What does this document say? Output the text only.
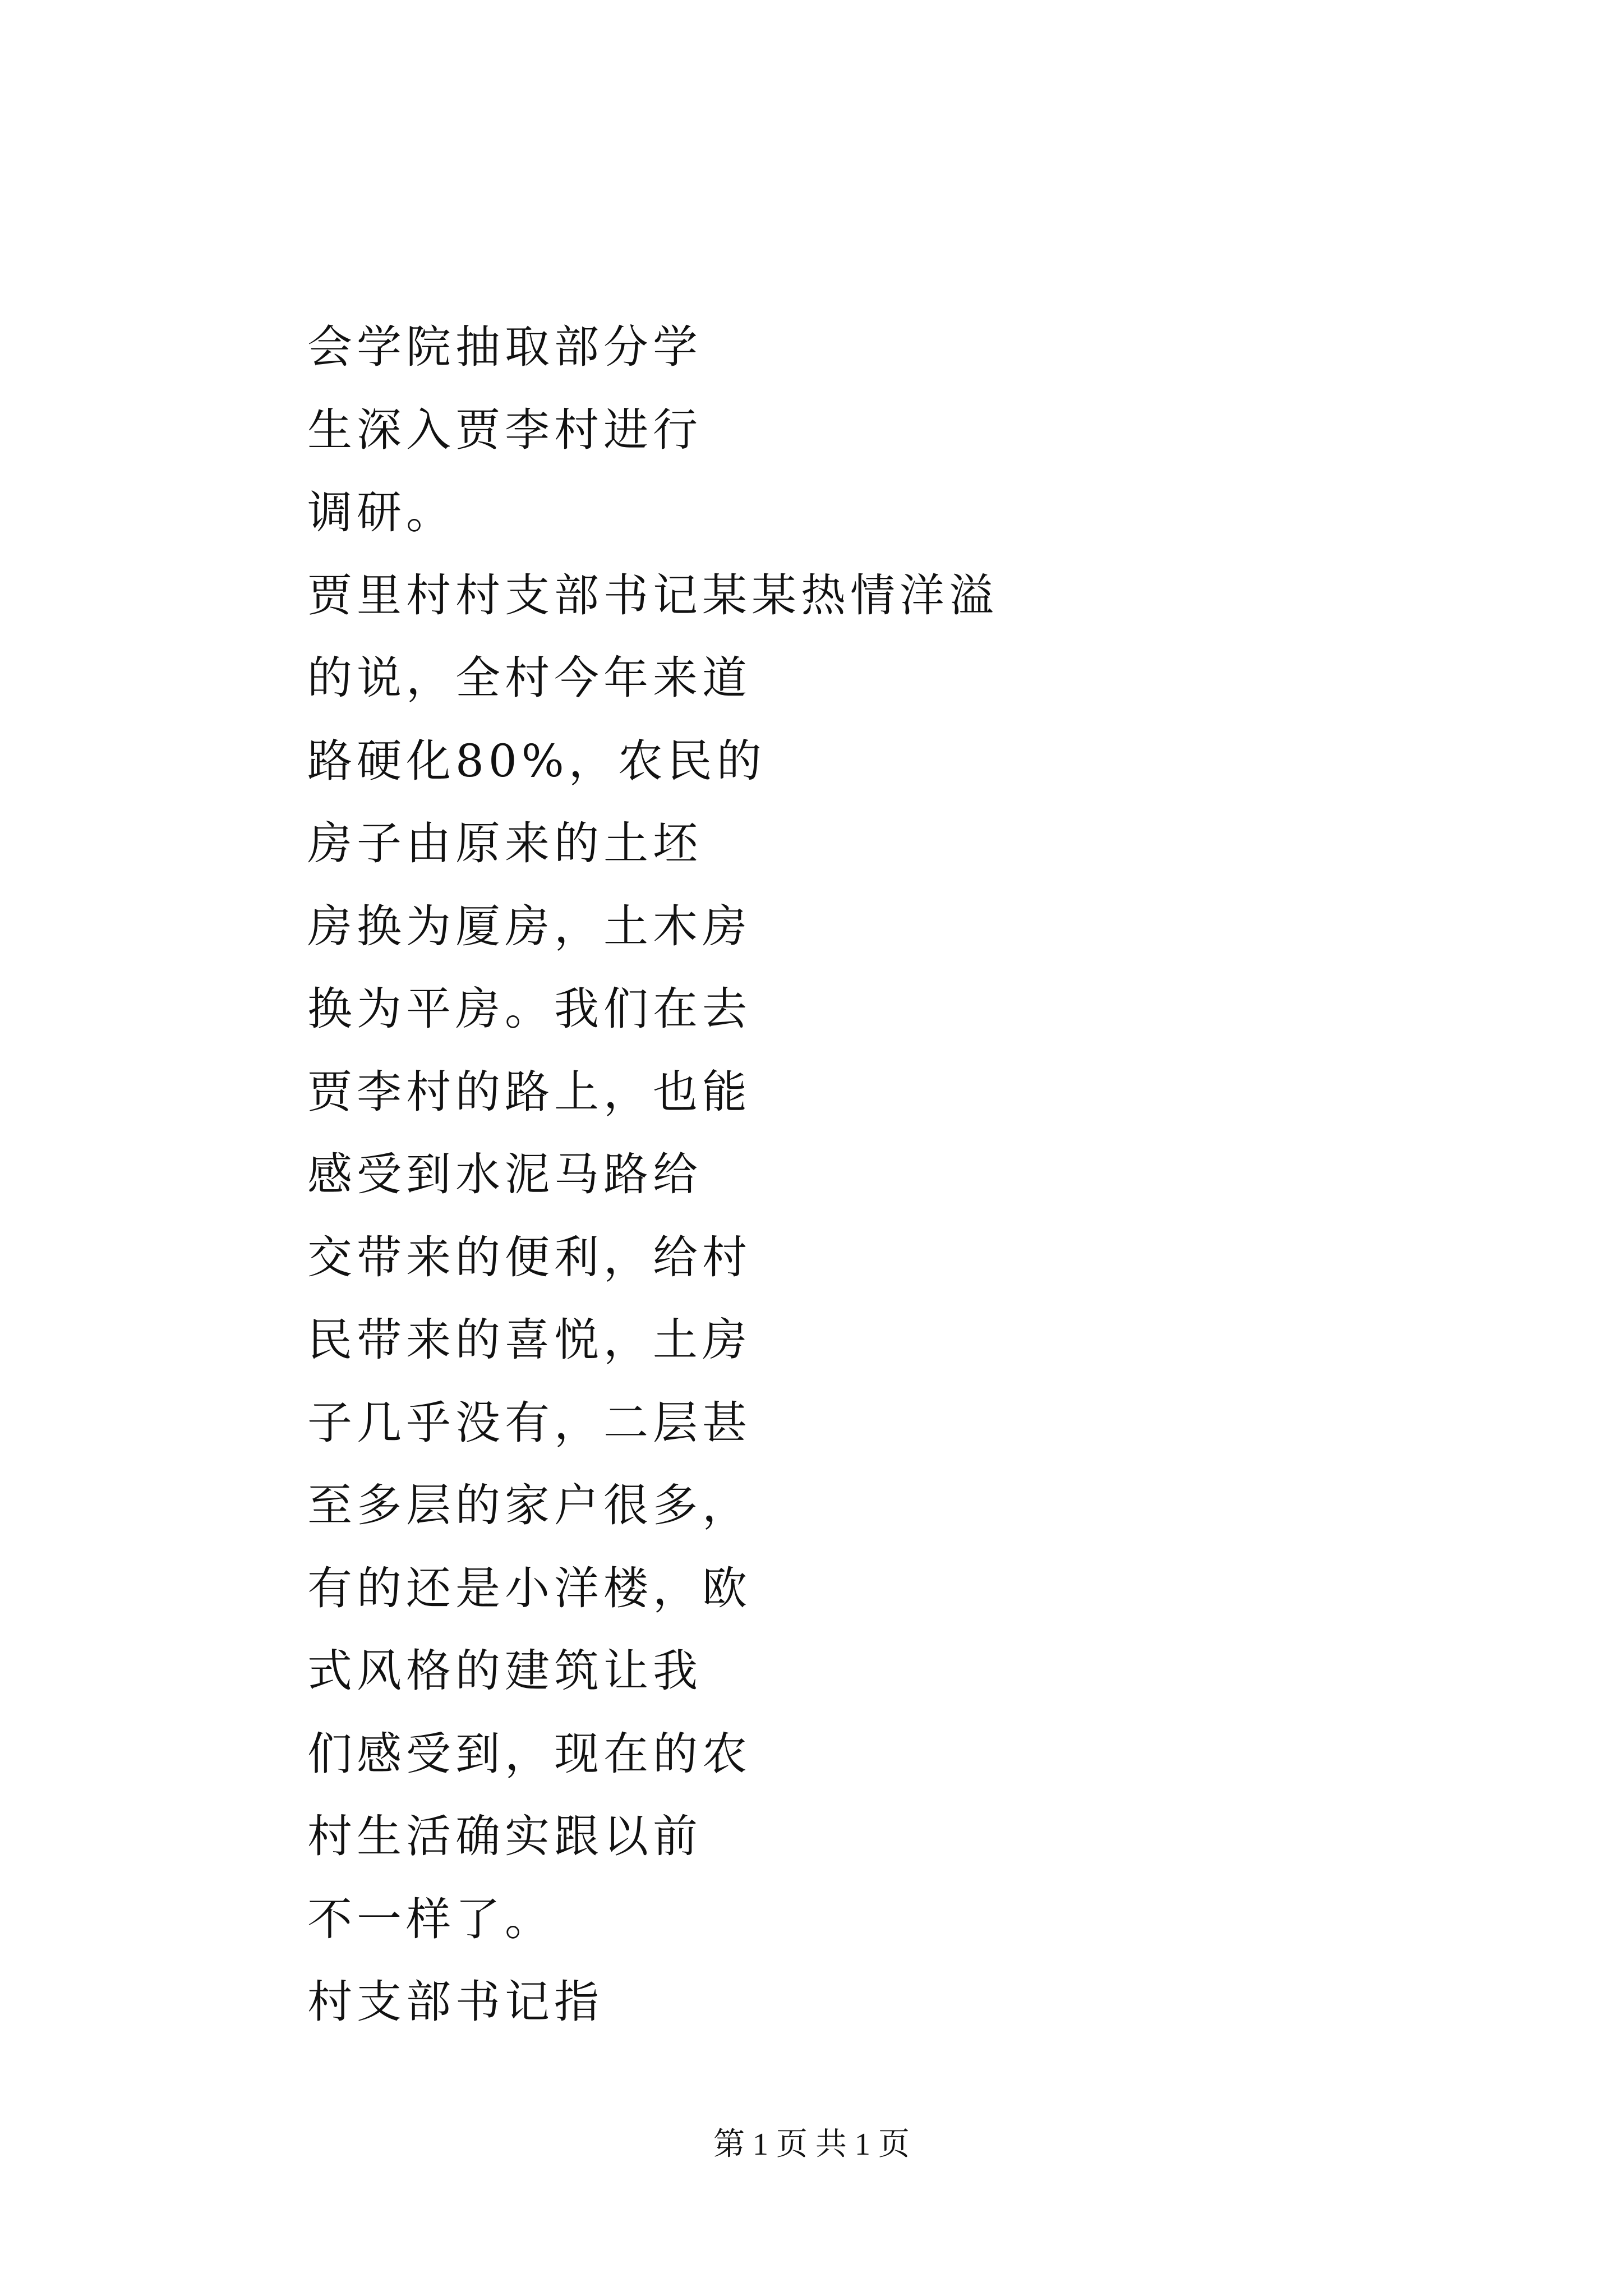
会学院抽取部分学
生深入贾李村进行
调研。
贾里村村支部书记某某热情洋溢
的说，全村今年来道
路硬化80%，农民的
房子由原来的土坯
房换为厦房，土木房
换为平房。我们在去
贾李村的路上，也能
感受到水泥马路给
交带来的便利，给村
民带来的喜悦，土房
子几乎没有，二层甚
至多层的家户很多，
有的还是小洋楼，欧
式风格的建筑让我
们感受到，现在的农
村生活确实跟以前
不一样了。
村支部书记指
第 1 页 共 1 页
